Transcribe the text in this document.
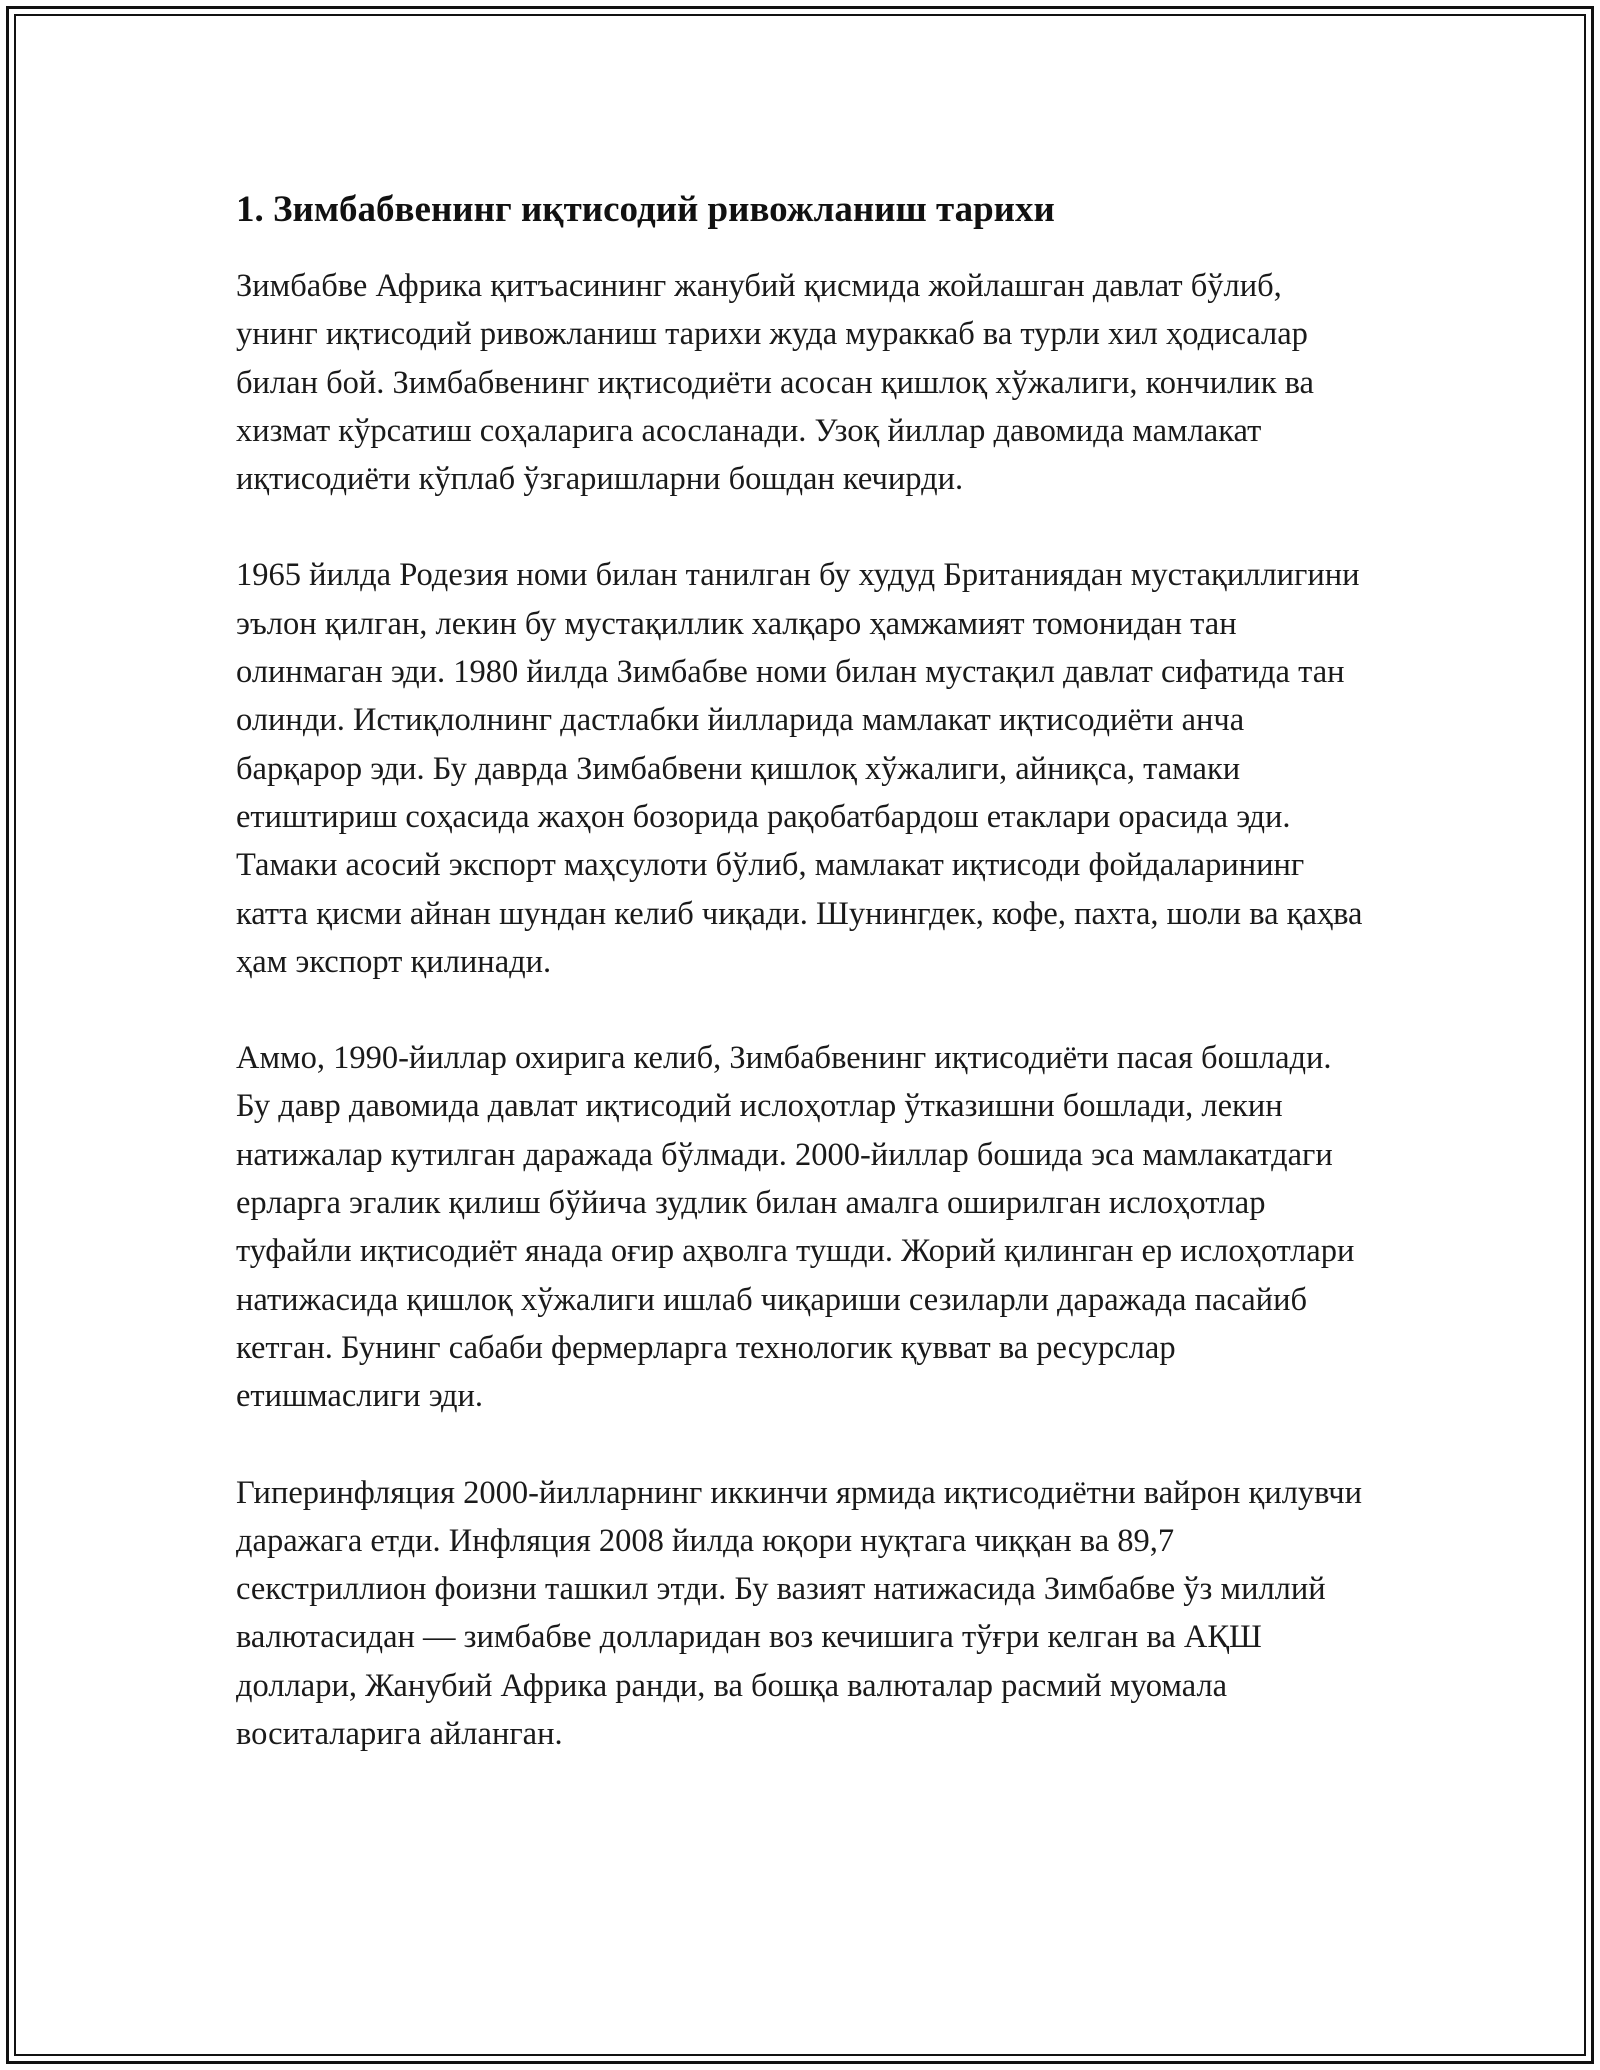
1. Зимбабвенинг иқтисодий ривожланиш тарихи

Зимбабве Африка қитъасининг жанубий қисмида жойлашган давлат бўлиб, унинг иқтисодий ривожланиш тарихи жуда мураккаб ва турли хил ҳодисалар билан бой. Зимбабвенинг иқтисодиёти асосан қишлоқ хўжалиги, кончилик ва хизмат кўрсатиш соҳаларига асосланади. Узоқ йиллар давомида мамлакат иқтисодиёти кўплаб ўзгаришларни бошдан кечирди.

1965 йилда Родезия номи билан танилган бу худуд Британиядан мустақиллигини эълон қилган, лекин бу мустақиллик халқаро ҳамжамият томонидан тан олинмаган эди. 1980 йилда Зимбабве номи билан мустақил давлат сифатида тан олинди. Истиқлолнинг дастлабки йилларида мамлакат иқтисодиёти анча барқарор эди. Бу даврда Зимбабвени қишлоқ хўжалиги, айниқса, тамаки етиштириш соҳасида жаҳон бозорида рақобатбардош етаклари орасида эди. Тамаки асосий экспорт маҳсулоти бўлиб, мамлакат иқтисоди фойдаларининг катта қисми айнан шундан келиб чиқади. Шунингдек, кофе, пахта, шоли ва қаҳва ҳам экспорт қилинади.

Аммо, 1990-йиллар охирига келиб, Зимбабвенинг иқтисодиёти пасая бошлади. Бу давр давомида давлат иқтисодий ислоҳотлар ўтказишни бошлади, лекин натижалар кутилган даражада бўлмади. 2000-йиллар бошида эса мамлакатдаги ерларга эгалик қилиш бўйича зудлик билан амалга оширилган ислоҳотлар туфайли иқтисодиёт янада оғир аҳволга тушди. Жорий қилинган ер ислоҳотлари натижасида қишлоқ хўжалиги ишлаб чиқариши сезиларли даражада пасайиб кетган. Бунинг сабаби фермерларга технологик қувват ва ресурслар етишмаслиги эди.

Гиперинфляция 2000-йилларнинг иккинчи ярмида иқтисодиётни вайрон қилувчи даражага етди. Инфляция 2008 йилда юқори нуқтага чиққан ва 89,7 секстриллион фоизни ташкил этди. Бу вазият натижасида Зимбабве ўз миллий валютасидан — зимбабве долларидан воз кечишига тўғри келган ва АҚШ доллари, Жанубий Африка ранди, ва бошқа валюталар расмий муомала воситаларига айланган.
